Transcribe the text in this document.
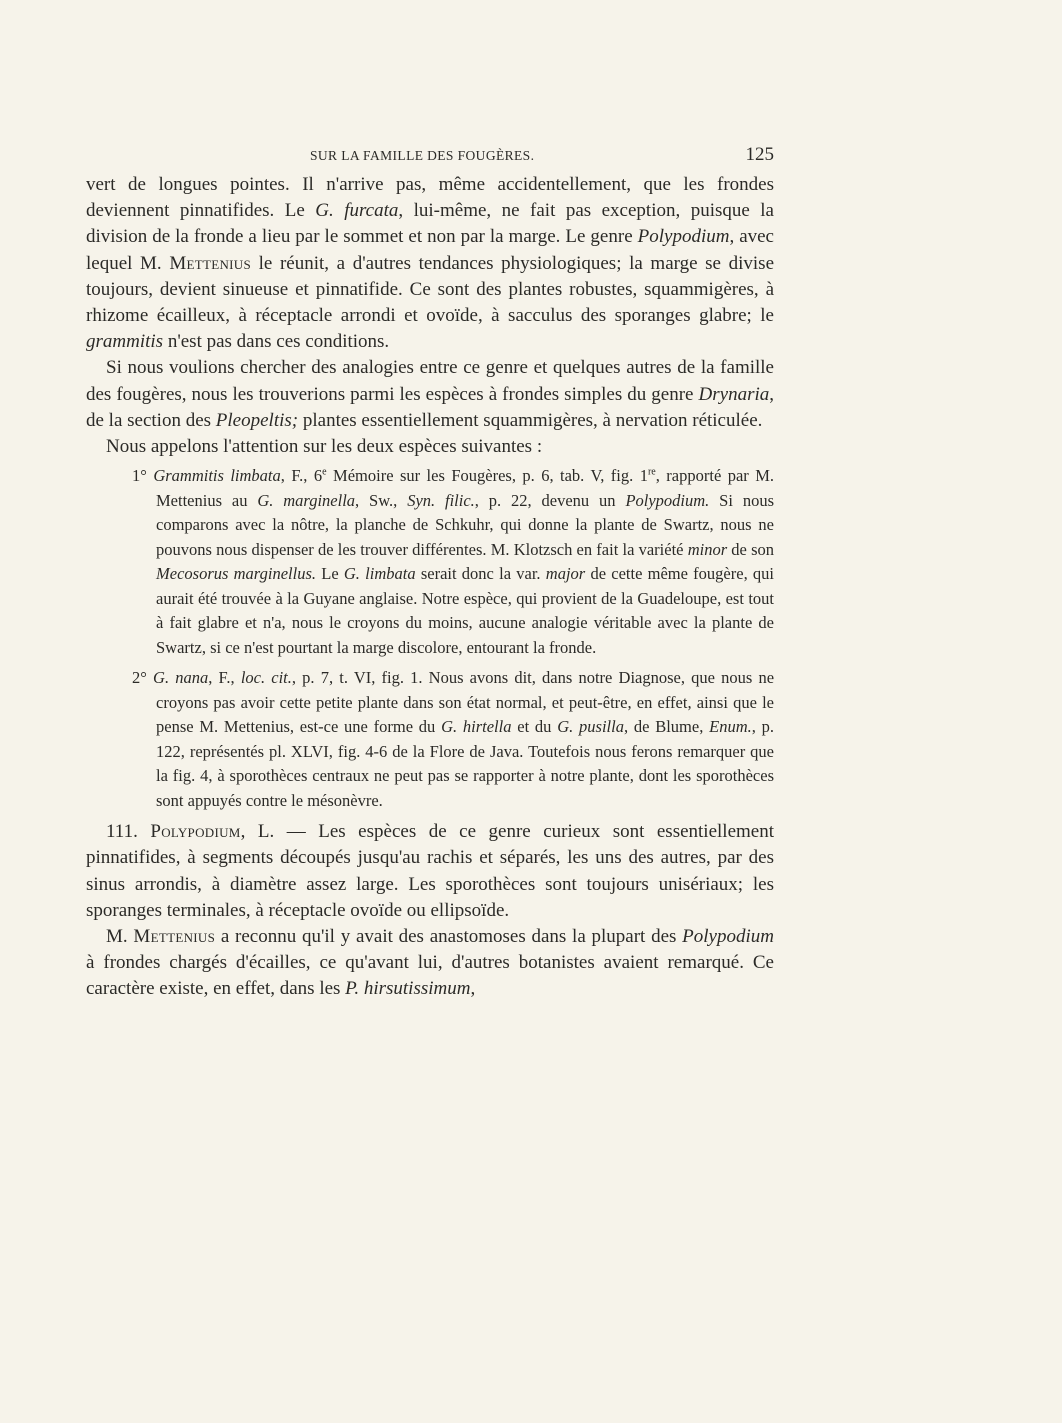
SUR LA FAMILLE DES FOUGÈRES.	125

vert de longues pointes. Il n'arrive pas, même accidentellement, que les frondes deviennent pinnatifides. Le G. furcata, lui-même, ne fait pas exception, puisque la division de la fronde a lieu par le sommet et non par la marge. Le genre Polypodium, avec lequel M. Mettenius le réunit, a d'autres tendances physiologiques; la marge se divise toujours, devient sinueuse et pinnatifide. Ce sont des plantes robustes, squammigères, à rhizome écailleux, à réceptacle arrondi et ovoïde, à sacculus des sporanges glabre; le grammitis n'est pas dans ces conditions.

Si nous voulions chercher des analogies entre ce genre et quelques autres de la famille des fougères, nous les trouverions parmi les espèces à frondes simples du genre Drynaria, de la section des Pleopeltis; plantes essentiellement squammigères, à nervation réticulée.

Nous appelons l'attention sur les deux espèces suivantes :

1° Grammitis limbata, F., 6e Mémoire sur les Fougères, p. 6, tab. V, fig. 1re, rapporté par M. Mettenius au G. marginella, Sw., Syn. filic., p. 22, devenu un Polypodium. Si nous comparons avec la nôtre, la planche de Schkuhr, qui donne la plante de Swartz, nous ne pouvons nous dispenser de les trouver différentes. M. Klotzsch en fait la variété minor de son Mecosorus marginellus. Le G. limbata serait donc la var. major de cette même fougère, qui aurait été trouvée à la Guyane anglaise. Notre espèce, qui provient de la Guadeloupe, est tout à fait glabre et n'a, nous le croyons du moins, aucune analogie véritable avec la plante de Swartz, si ce n'est pourtant la marge discolore, entourant la fronde.

2° G. nana, F., loc. cit., p. 7, t. VI, fig. 1. Nous avons dit, dans notre Diagnose, que nous ne croyons pas avoir cette petite plante dans son état normal, et peut-être, en effet, ainsi que le pense M. Mettenius, est-ce une forme du G. hirtella et du G. pusilla, de Blume, Enum., p. 122, représentés pl. XLVI, fig. 4-6 de la Flore de Java. Toutefois nous ferons remarquer que la fig. 4, à sporothèces centraux ne peut pas se rapporter à notre plante, dont les sporothèces sont appuyés contre le mésonèvre.

111. Polypodium, L. — Les espèces de ce genre curieux sont essentiellement pinnatifides, à segments découpés jusqu'au rachis et séparés, les uns des autres, par des sinus arrondis, à diamètre assez large. Les sporothèces sont toujours unisériaux; les sporanges terminales, à réceptacle ovoïde ou ellipsoïde.

M. Mettenius a reconnu qu'il y avait des anastomoses dans la plupart des Polypodium à frondes chargés d'écailles, ce qu'avant lui, d'autres botanistes avaient remarqué. Ce caractère existe, en effet, dans les P. hirsutissimum,
